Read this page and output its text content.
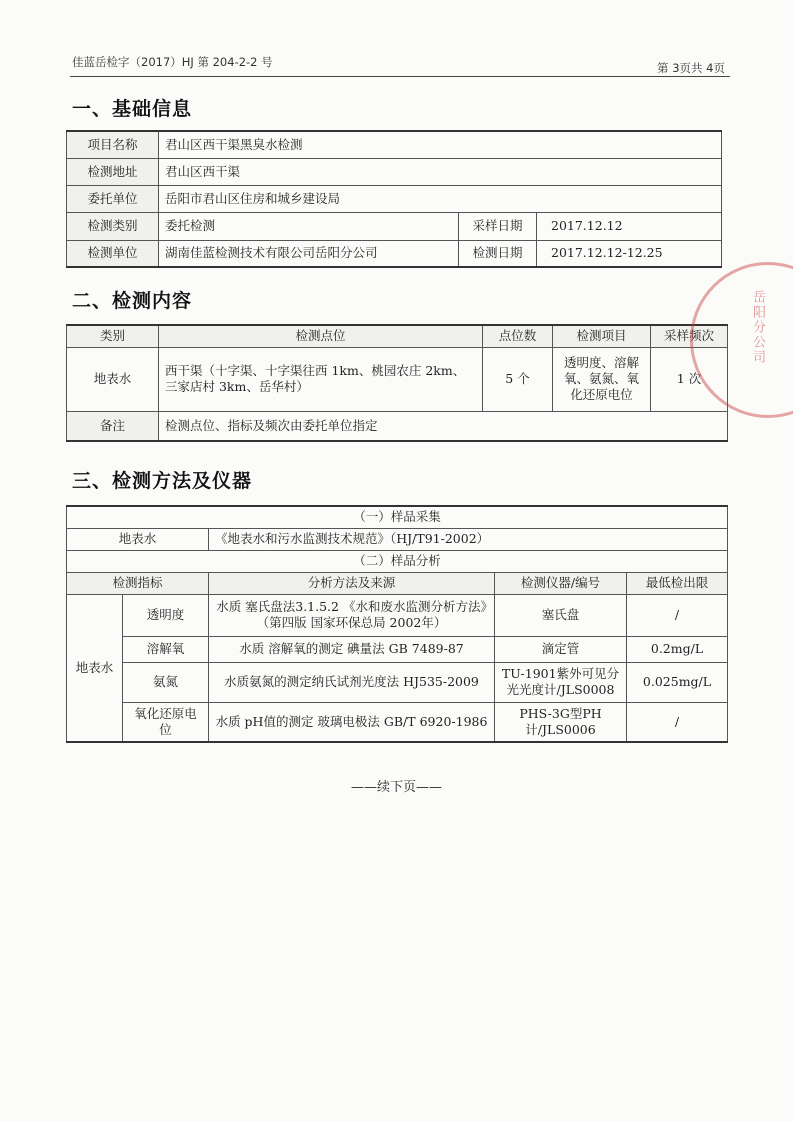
佳蓝岳检字（2017）HJ 第 204-2-2 号	第 3页共 4页
一、基础信息
项目名称	君山区西干渠黑臭水检测		
检测地址	君山区西干渠		
委托单位	岳阳市君山区住房和城乡建设局		
检测类别	委托检测	采样日期	2017.12.12
检测单位	湖南佳蓝检测技术有限公司岳阳分公司	检测日期	2017.12.12-12.25
二、检测内容
类别	检测点位	点位数	检测项目	采样频次
地表水	西干渠（十字渠、十字渠往西 1km、桃园农庄 2km、三家店村 3km、岳华村）	5 个	透明度、溶解氧、氨氮、氧化还原电位	1 次
备注	检测点位、指标及频次由委托单位指定			
三、检测方法及仪器
（一）样品采集				
地表水		《地表水和污水监测技术规范》（HJ/T91-2002）		
（二）样品分析				
检测指标		分析方法及来源	检测仪器/编号	最低检出限
地表水	透明度	水质 塞氏盘法3.1.5.2 《水和废水监测分析方法》（第四版 国家环保总局 2002年）	塞氏盘	/
	溶解氧	水质 溶解氧的测定 碘量法 GB 7489-87	滴定管	0.2mg/L
	氨氮	水质氨氮的测定纳氏试剂光度法 HJ535-2009	TU-1901紫外可见分光光度计/JLS0008	0.025mg/L
	氧化还原电位	水质 pH值的测定 玻璃电极法 GB/T 6920-1986	PHS-3G型PH计/JLS0006	/
——续下页——
岳阳分公司
